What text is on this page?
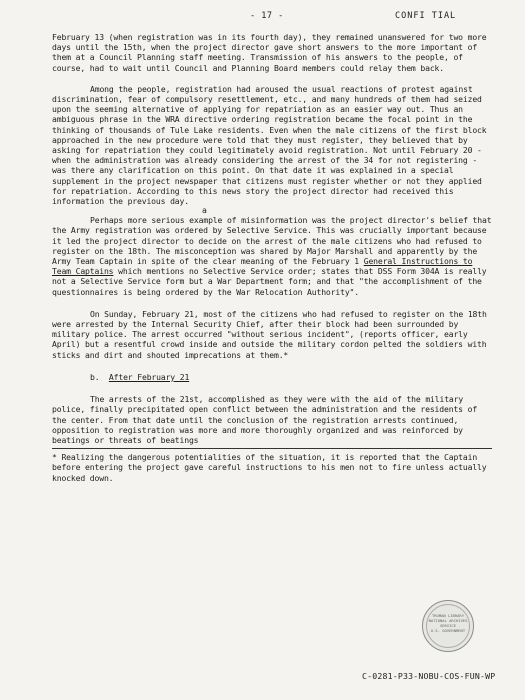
- 17 -	CONFI TIAL

February 13 (when registration was in its fourth day), they remained unanswered for two more days until the 15th, when the project director gave short answers to the more important of them at a Council Planning staff meeting. Transmission of his answers to the people, of course, had to wait until Council and Planning Board members could relay them back.

Among the people, registration had aroused the usual reactions of protest against discrimination, fear of compulsory resettlement, etc., and many hundreds of them had seized upon the seeming alternative of applying for repatriation as an easier way out. Thus an ambiguous phrase in the WRA directive ordering registration became the focal point in the thinking of thousands of Tule Lake residents. Even when the male citizens of the first block approached in the new procedure were told that they must register, they believed that by asking for repatriation they could legitimately avoid registration. Not until February 20 - when the administration was already considering the arrest of the 34 for not registering - was there any clarification on this point. On that date it was explained in a special supplement in the project newspaper that citizens must register whether or not they applied for repatriation. According to this news story the project director had received this information the previous day.

a

Perhaps more serious example of misinformation was the project director's belief that the Army registration was ordered by Selective Service. This was crucially important because it led the project director to decide on the arrest of the male citizens who had refused to register on the 18th. The misconception was shared by Major Marshall and apparently by the Army Team Captain in spite of the clear meaning of the February 1 General Instructions to Team Captains which mentions no Selective Service order; states that DSS Form 304A is really not a Selective Service form but a War Department form; and that "the accomplishment of the questionnaires is being ordered by the War Relocation Authority".

On Sunday, February 21, most of the citizens who had refused to register on the 18th were arrested by the Internal Security Chief, after their block had been surrounded by military police. The arrest occurred "without serious incident", (reports officer, early April) but a resentful crowd inside and outside the military cordon pelted the soldiers with sticks and dirt and shouted imprecations at them.*

b. After February 21

The arrests of the 21st, accomplished as they were with the aid of the military police, finally precipitated open conflict between the administration and the residents of the center. From that date until the conclusion of the registration arrests continued, opposition to registration was more and more thoroughly organized and was reinforced by beatings or threats of beatings

* Realizing the dangerous potentialities of the situation, it is reported that the Captain before entering the project gave careful instructions to his men not to fire unless actually knocked down.

TRUMAN LIBRARY
NATIONAL ARCHIVES
SERVICE
U.S. GOVERNMENT
C-0281-P33-NOBU-COS-FUN-WP
